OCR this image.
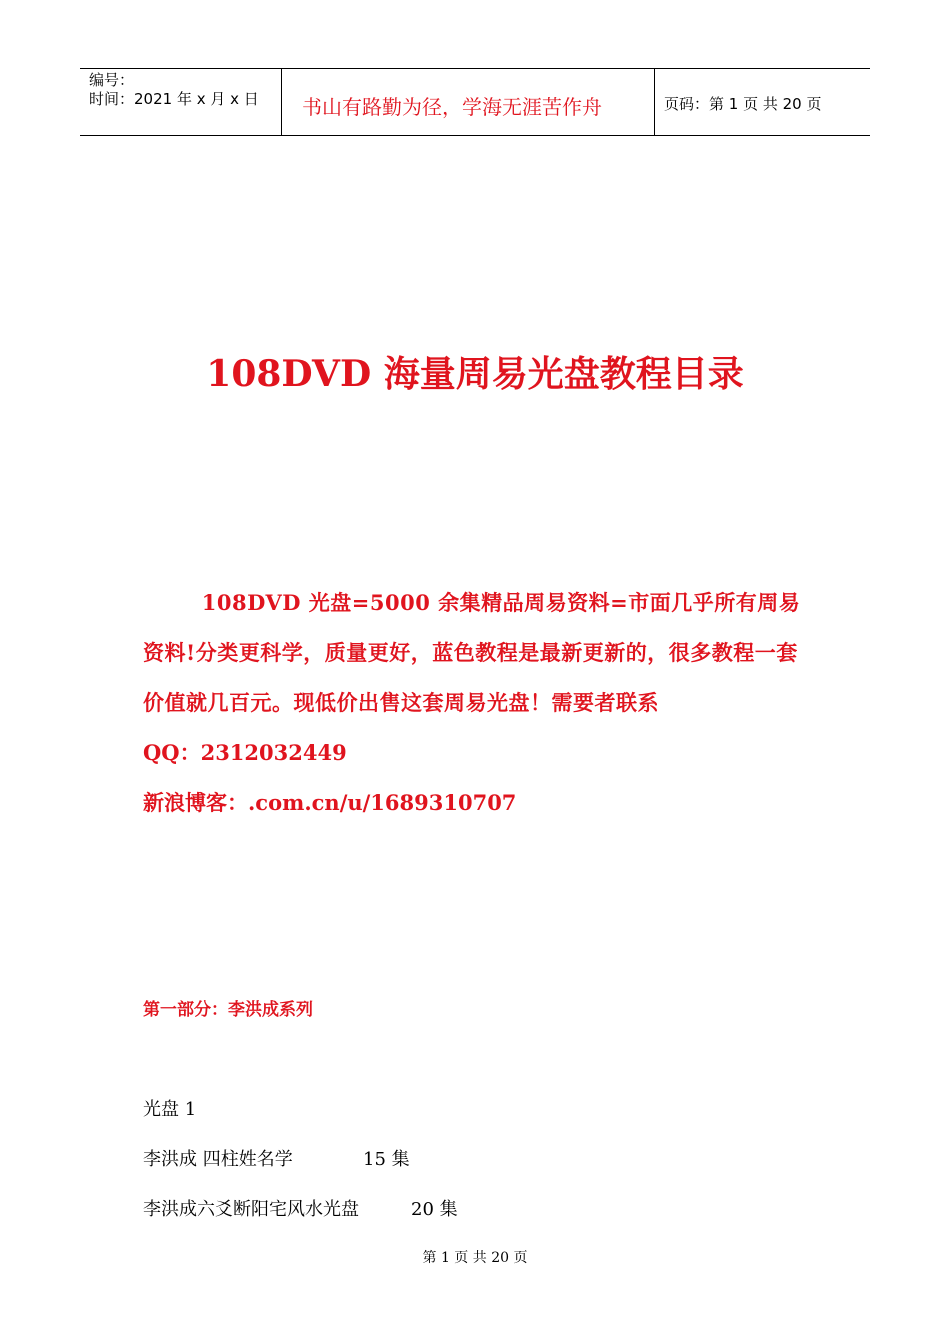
编号：
时间：2021 年 x 月 x 日 书山有路勤为径，学海无涯苦作舟	页码：第 1 页 共 20 页
108DVD 海量周易光盘教程目录

108DVD 光盘=5000 余集精品周易资料=市面几乎所有周易资料!分类更科学，质量更好，蓝色教程是最新更新的，很多教程一套价值就几百元。现低价出售这套周易光盘！需要者联系

QQ：2312032449
新浪博客：.com.cn/u/1689310707
第一部分：李洪成系列
光盘 1
李洪成 四柱姓名学	15 集
李洪成六爻断阳宅风水光盘	20 集
第 1 页 共 20 页
